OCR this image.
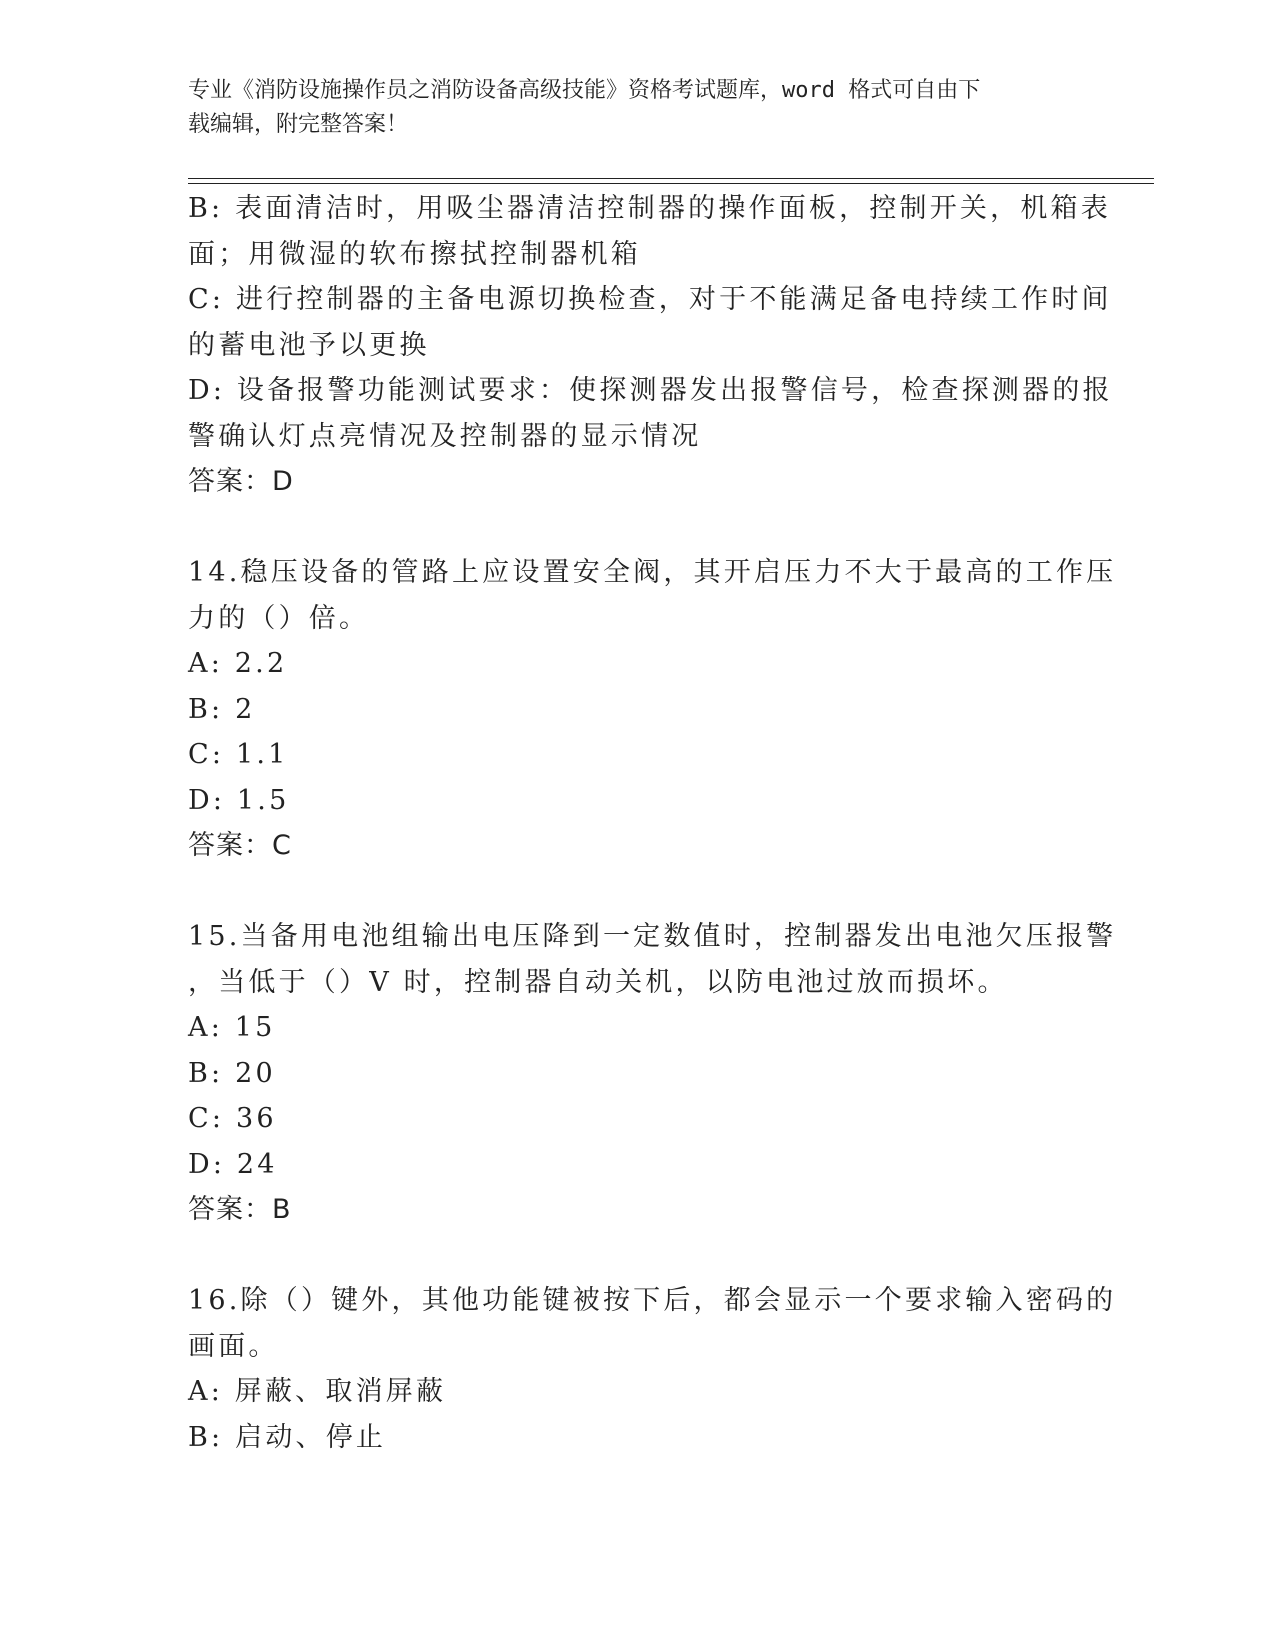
专业《消防设施操作员之消防设备高级技能》资格考试题库，word 格式可自由下
载编辑，附完整答案！
B: 表面清洁时，用吸尘器清洁控制器的操作面板，控制开关，机箱表
面；用微湿的软布擦拭控制器机箱
C: 进行控制器的主备电源切换检查，对于不能满足备电持续工作时间
的蓄电池予以更换
D: 设备报警功能测试要求：使探测器发出报警信号，检查探测器的报
警确认灯点亮情况及控制器的显示情况
答案：D
14.稳压设备的管路上应设置安全阀，其开启压力不大于最高的工作压
力的（）倍。
A: 2.2
B: 2
C: 1.1
D: 1.5
答案：C
15.当备用电池组输出电压降到一定数值时，控制器发出电池欠压报警
，当低于（）V 时，控制器自动关机，以防电池过放而损坏。
A: 15
B: 20
C: 36
D: 24
答案：B
16.除（）键外，其他功能键被按下后，都会显示一个要求输入密码的
画面。
A: 屏蔽、取消屏蔽
B: 启动、停止
